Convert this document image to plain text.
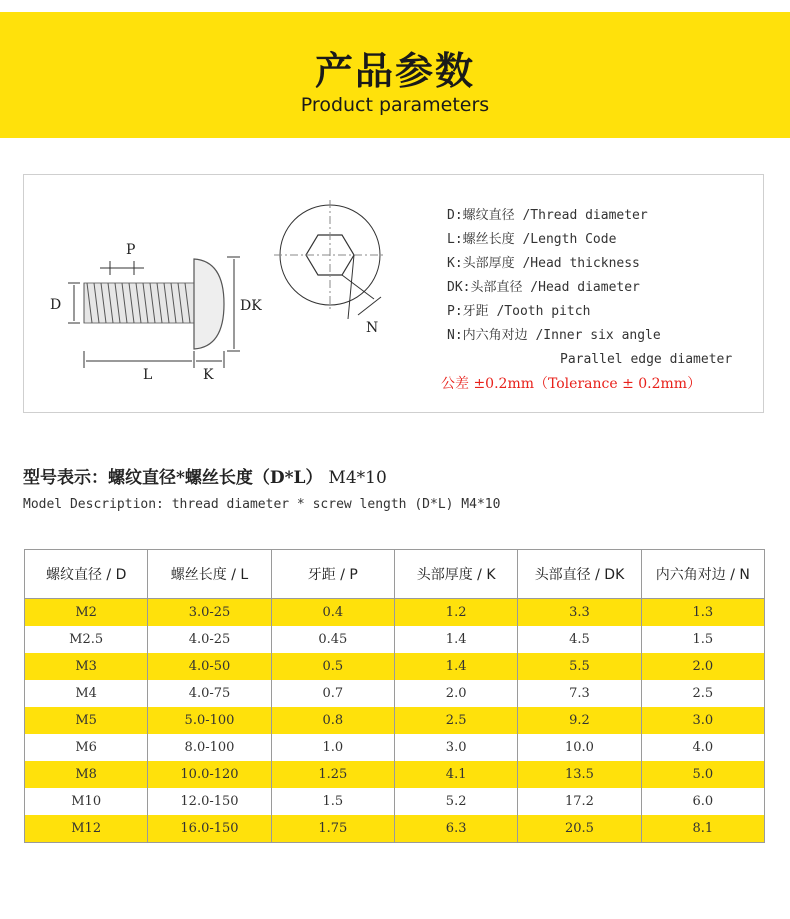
产品参数
Product parameters
P
D
L	K
DK
N
D:螺纹直径 /Thread diameter
L:螺丝长度 /Length Code
K:头部厚度 /Head thickness
DK:头部直径 /Head diameter
P:牙距 /Tooth pitch
N:内六角对边 /Inner six angle
Parallel edge diameter
公差 ±0.2mm（Tolerance ± 0.2mm）
型号表示：螺纹直径*螺丝长度（D*L） M4*10
Model Description: thread diameter * screw length (D*L) M4*10
螺纹直径 / D	螺丝长度 / L	牙距 / P	头部厚度 / K	头部直径 / DK	内六角对边 / N
M2	3.0-25	0.4	1.2	3.3	1.3
M2.5	4.0-25	0.45	1.4	4.5	1.5
M3	4.0-50	0.5	1.4	5.5	2.0
M4	4.0-75	0.7	2.0	7.3	2.5
M5	5.0-100	0.8	2.5	9.2	3.0
M6	8.0-100	1.0	3.0	10.0	4.0
M8	10.0-120	1.25	4.1	13.5	5.0
M10	12.0-150	1.5	5.2	17.2	6.0
M12	16.0-150	1.75	6.3	20.5	8.1
